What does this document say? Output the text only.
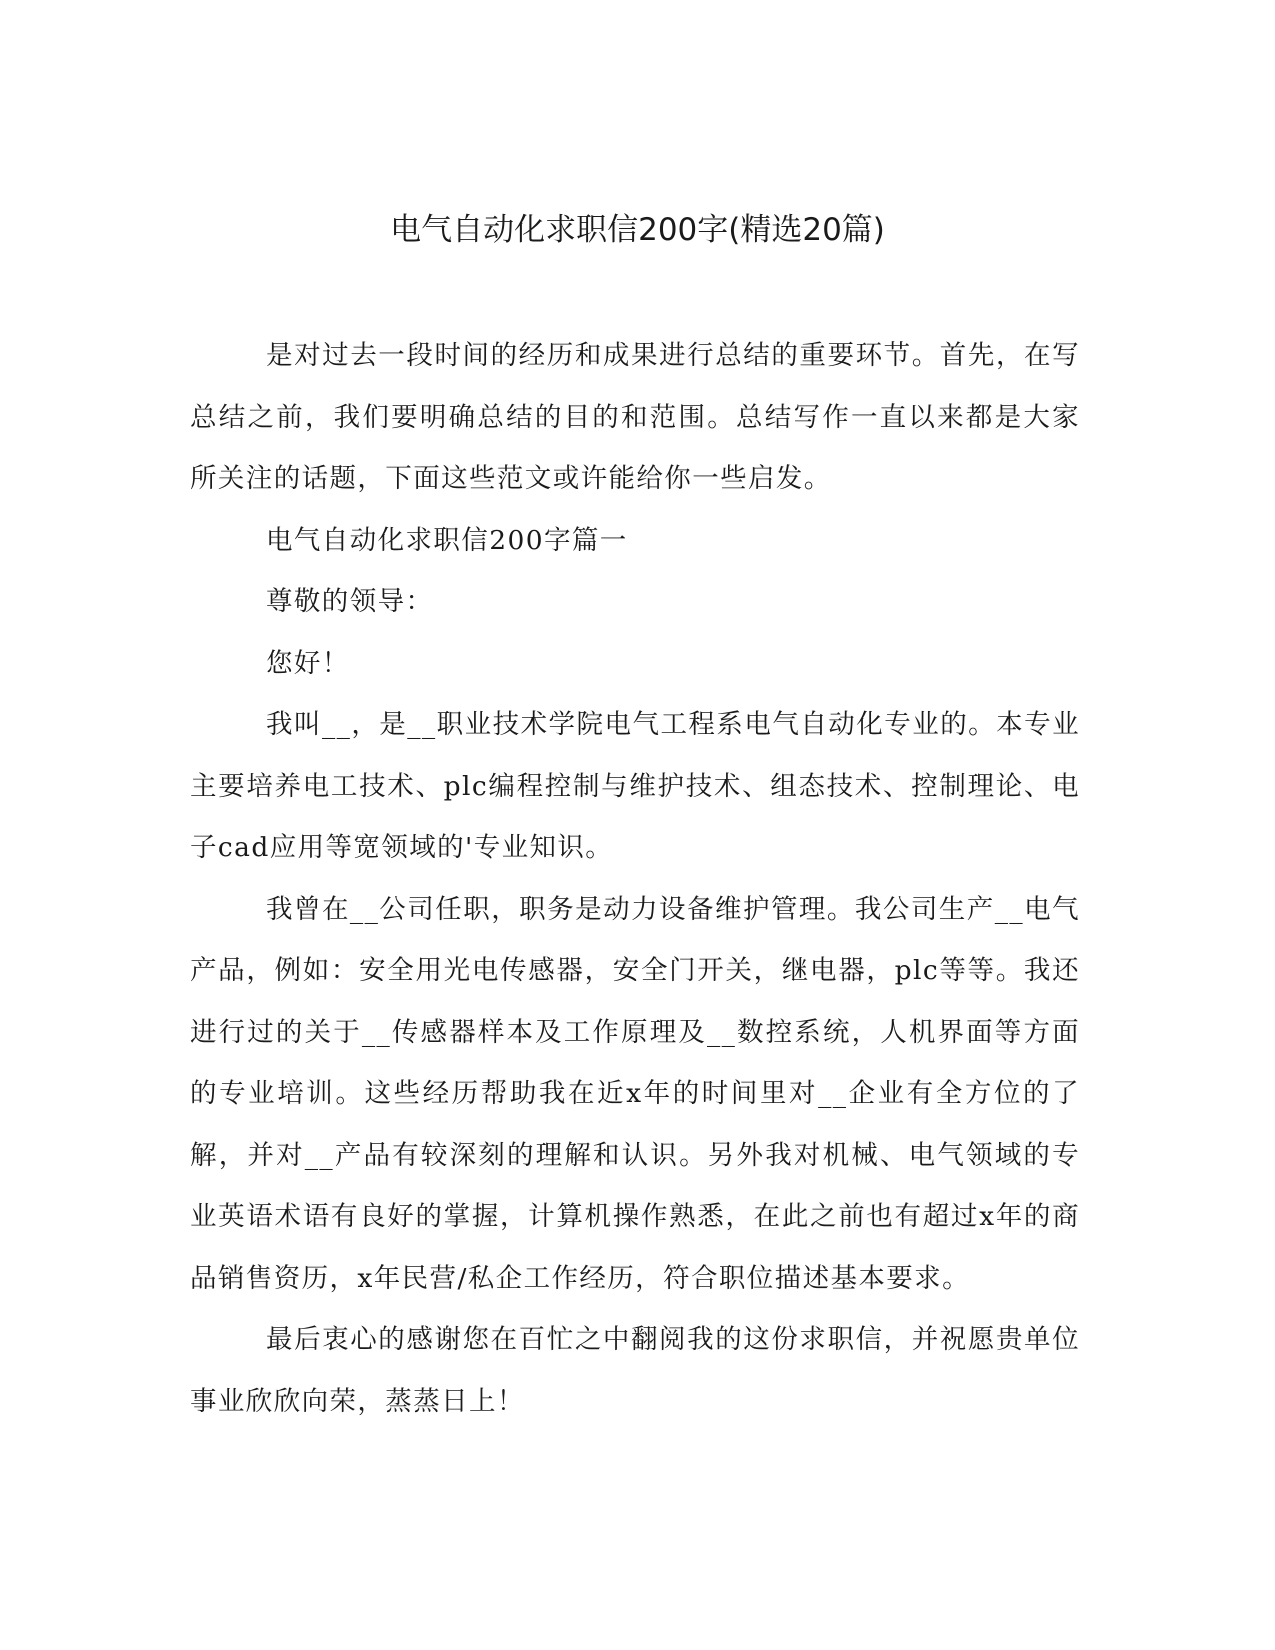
电气自动化求职信200字(精选20篇)

是对过去一段时间的经历和成果进行总结的重要环节。首先，在写总结之前，我们要明确总结的目的和范围。总结写作一直以来都是大家所关注的话题，下面这些范文或许能给你一些启发。

电气自动化求职信200字篇一

尊敬的领导：

您好！

我叫__，是__职业技术学院电气工程系电气自动化专业的。本专业主要培养电工技术、plc编程控制与维护技术、组态技术、控制理论、电子cad应用等宽领域的'专业知识。

我曾在__公司任职，职务是动力设备维护管理。我公司生产__电气产品，例如：安全用光电传感器，安全门开关，继电器，plc等等。我还进行过的关于__传感器样本及工作原理及__数控系统，人机界面等方面的专业培训。这些经历帮助我在近x年的时间里对__企业有全方位的了解，并对__产品有较深刻的理解和认识。另外我对机械、电气领域的专业英语术语有良好的掌握，计算机操作熟悉，在此之前也有超过x年的商品销售资历，x年民营/私企工作经历，符合职位描述基本要求。

最后衷心的感谢您在百忙之中翻阅我的这份求职信，并祝愿贵单位事业欣欣向荣，蒸蒸日上！
